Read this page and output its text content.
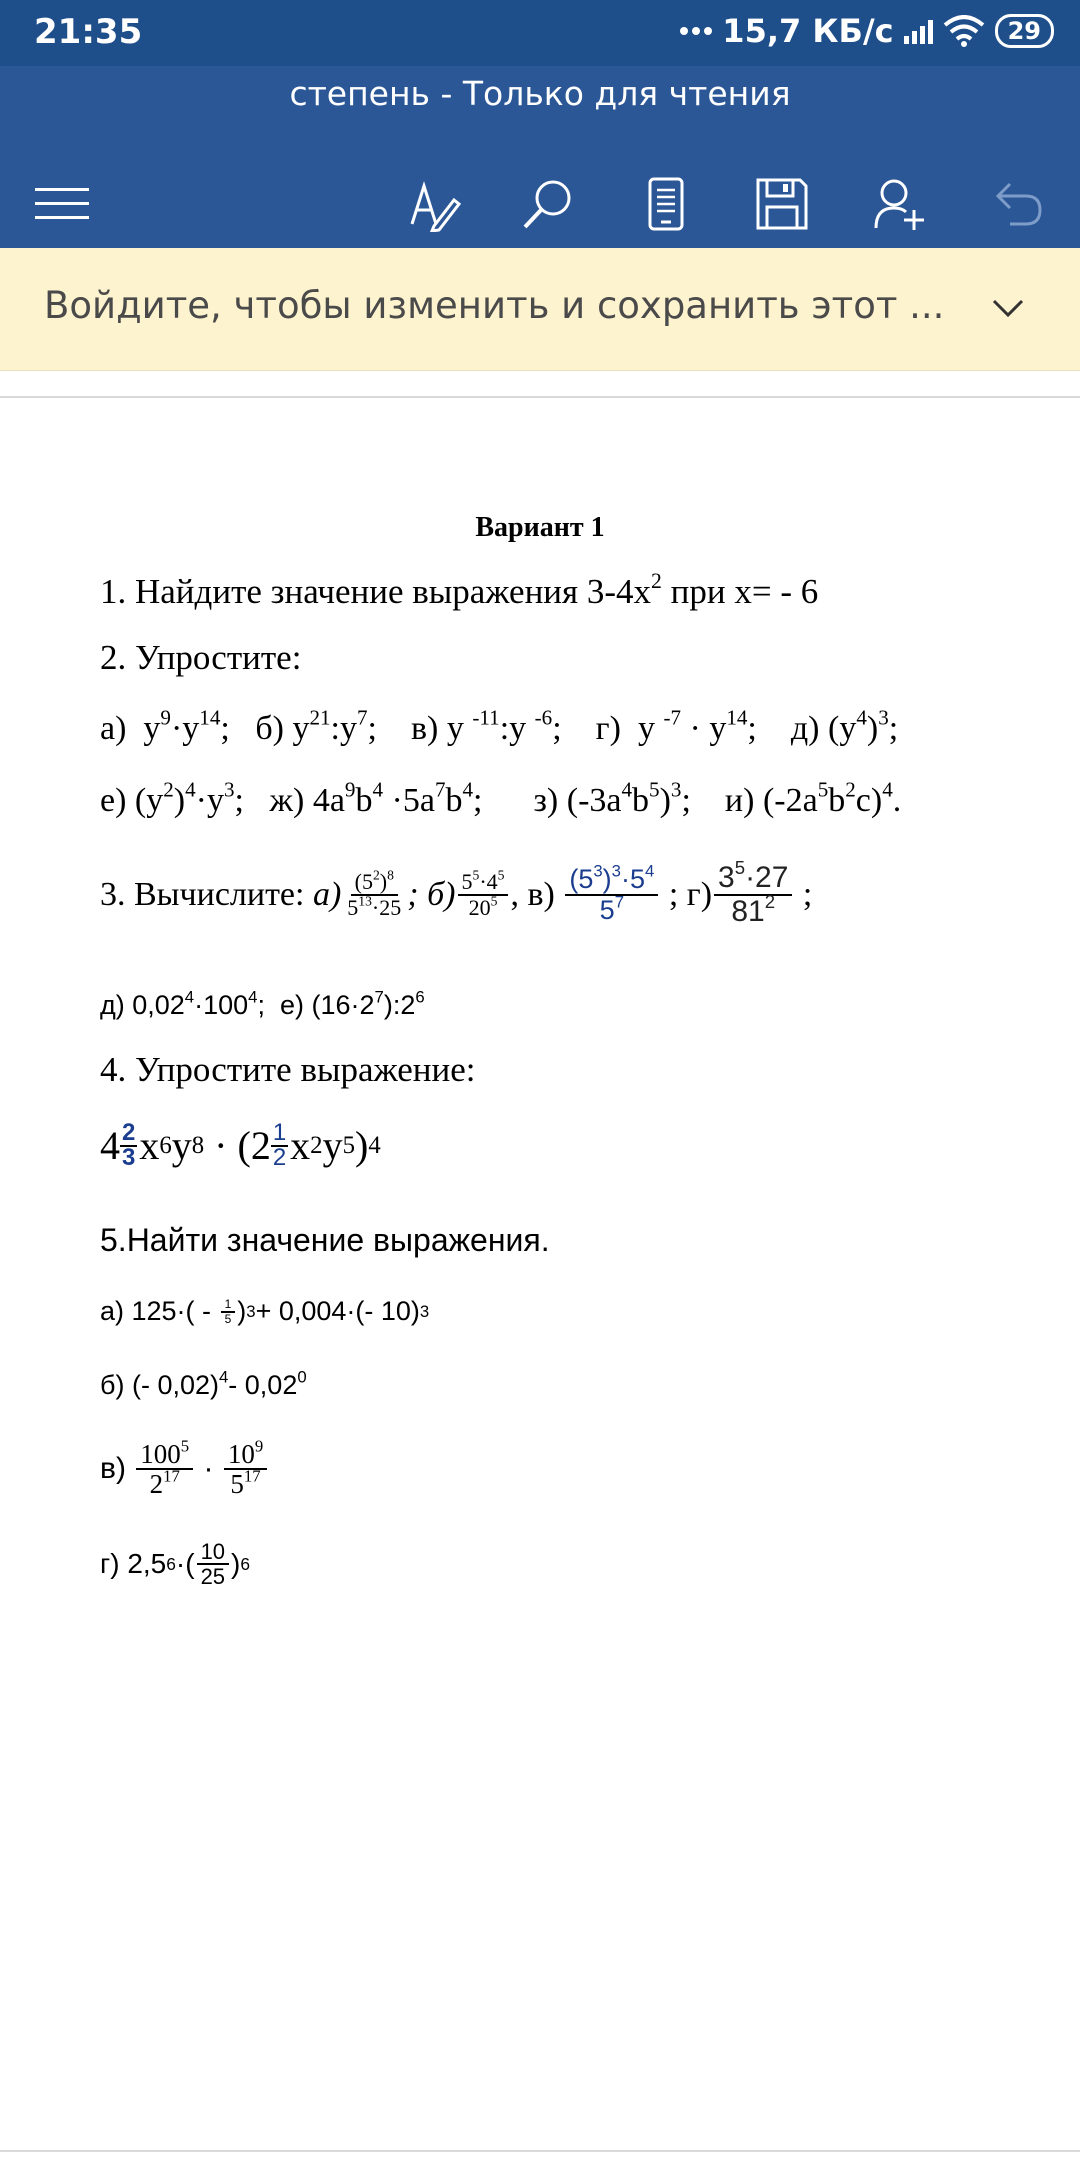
21:35	15,7 КБ/с	29
степень - Только для чтения
Войдите, чтобы изменить и сохранить этот ...
Вариант 1
1. Найдите значение выражения $3-4x^2$ при x= - 6
2. Упростите:
а)  $y^9\cdot y^{14}$;   б) $y^{21}:y^7$;    в) y $^{-11}$:y $^{-6}$;    г)  y $^{-7} \cdot y^{14}$;    д) $(y^4)^3$;
е) $(y^2)^4\cdot y^3$;   ж) $4a^9b^4 \cdot 5a^7b^4$;      з) $(-3a^4b^5)^3$;    и) $(-2a^5b^2c)^4$.
3. Вычислите:
$а) \frac{(5^2)^8}{5^{13}\cdot 25}$ ; $б) \frac{5^5\cdot 4^5}{20^5}$ , в)
$\frac{(5^3)^3\cdot 5^4}{5^7}$
; $г) \frac{3^5\cdot 27}{81^2}$
;
д) $0,02^4\cdot 100^4$;  е) $(16\cdot 2^7):2^6$
4. Упростите выражение:
4 2
3 x 6 y 8 · (2 1
2 x 2 y 5 ) 4
5.Найти значение выражения.
а) 125·( -
$\frac{1}{5}$ ) 3 + 0,004·(- 10) 3
б) (- 0,02)$^4$- 0,02$^0$
в)
$\frac{100^5}{2^{17}} \cdot \frac{10^9}{5^{17}}$
г) 2,5 6 ·( $\frac{10}{25}$ ) 6
